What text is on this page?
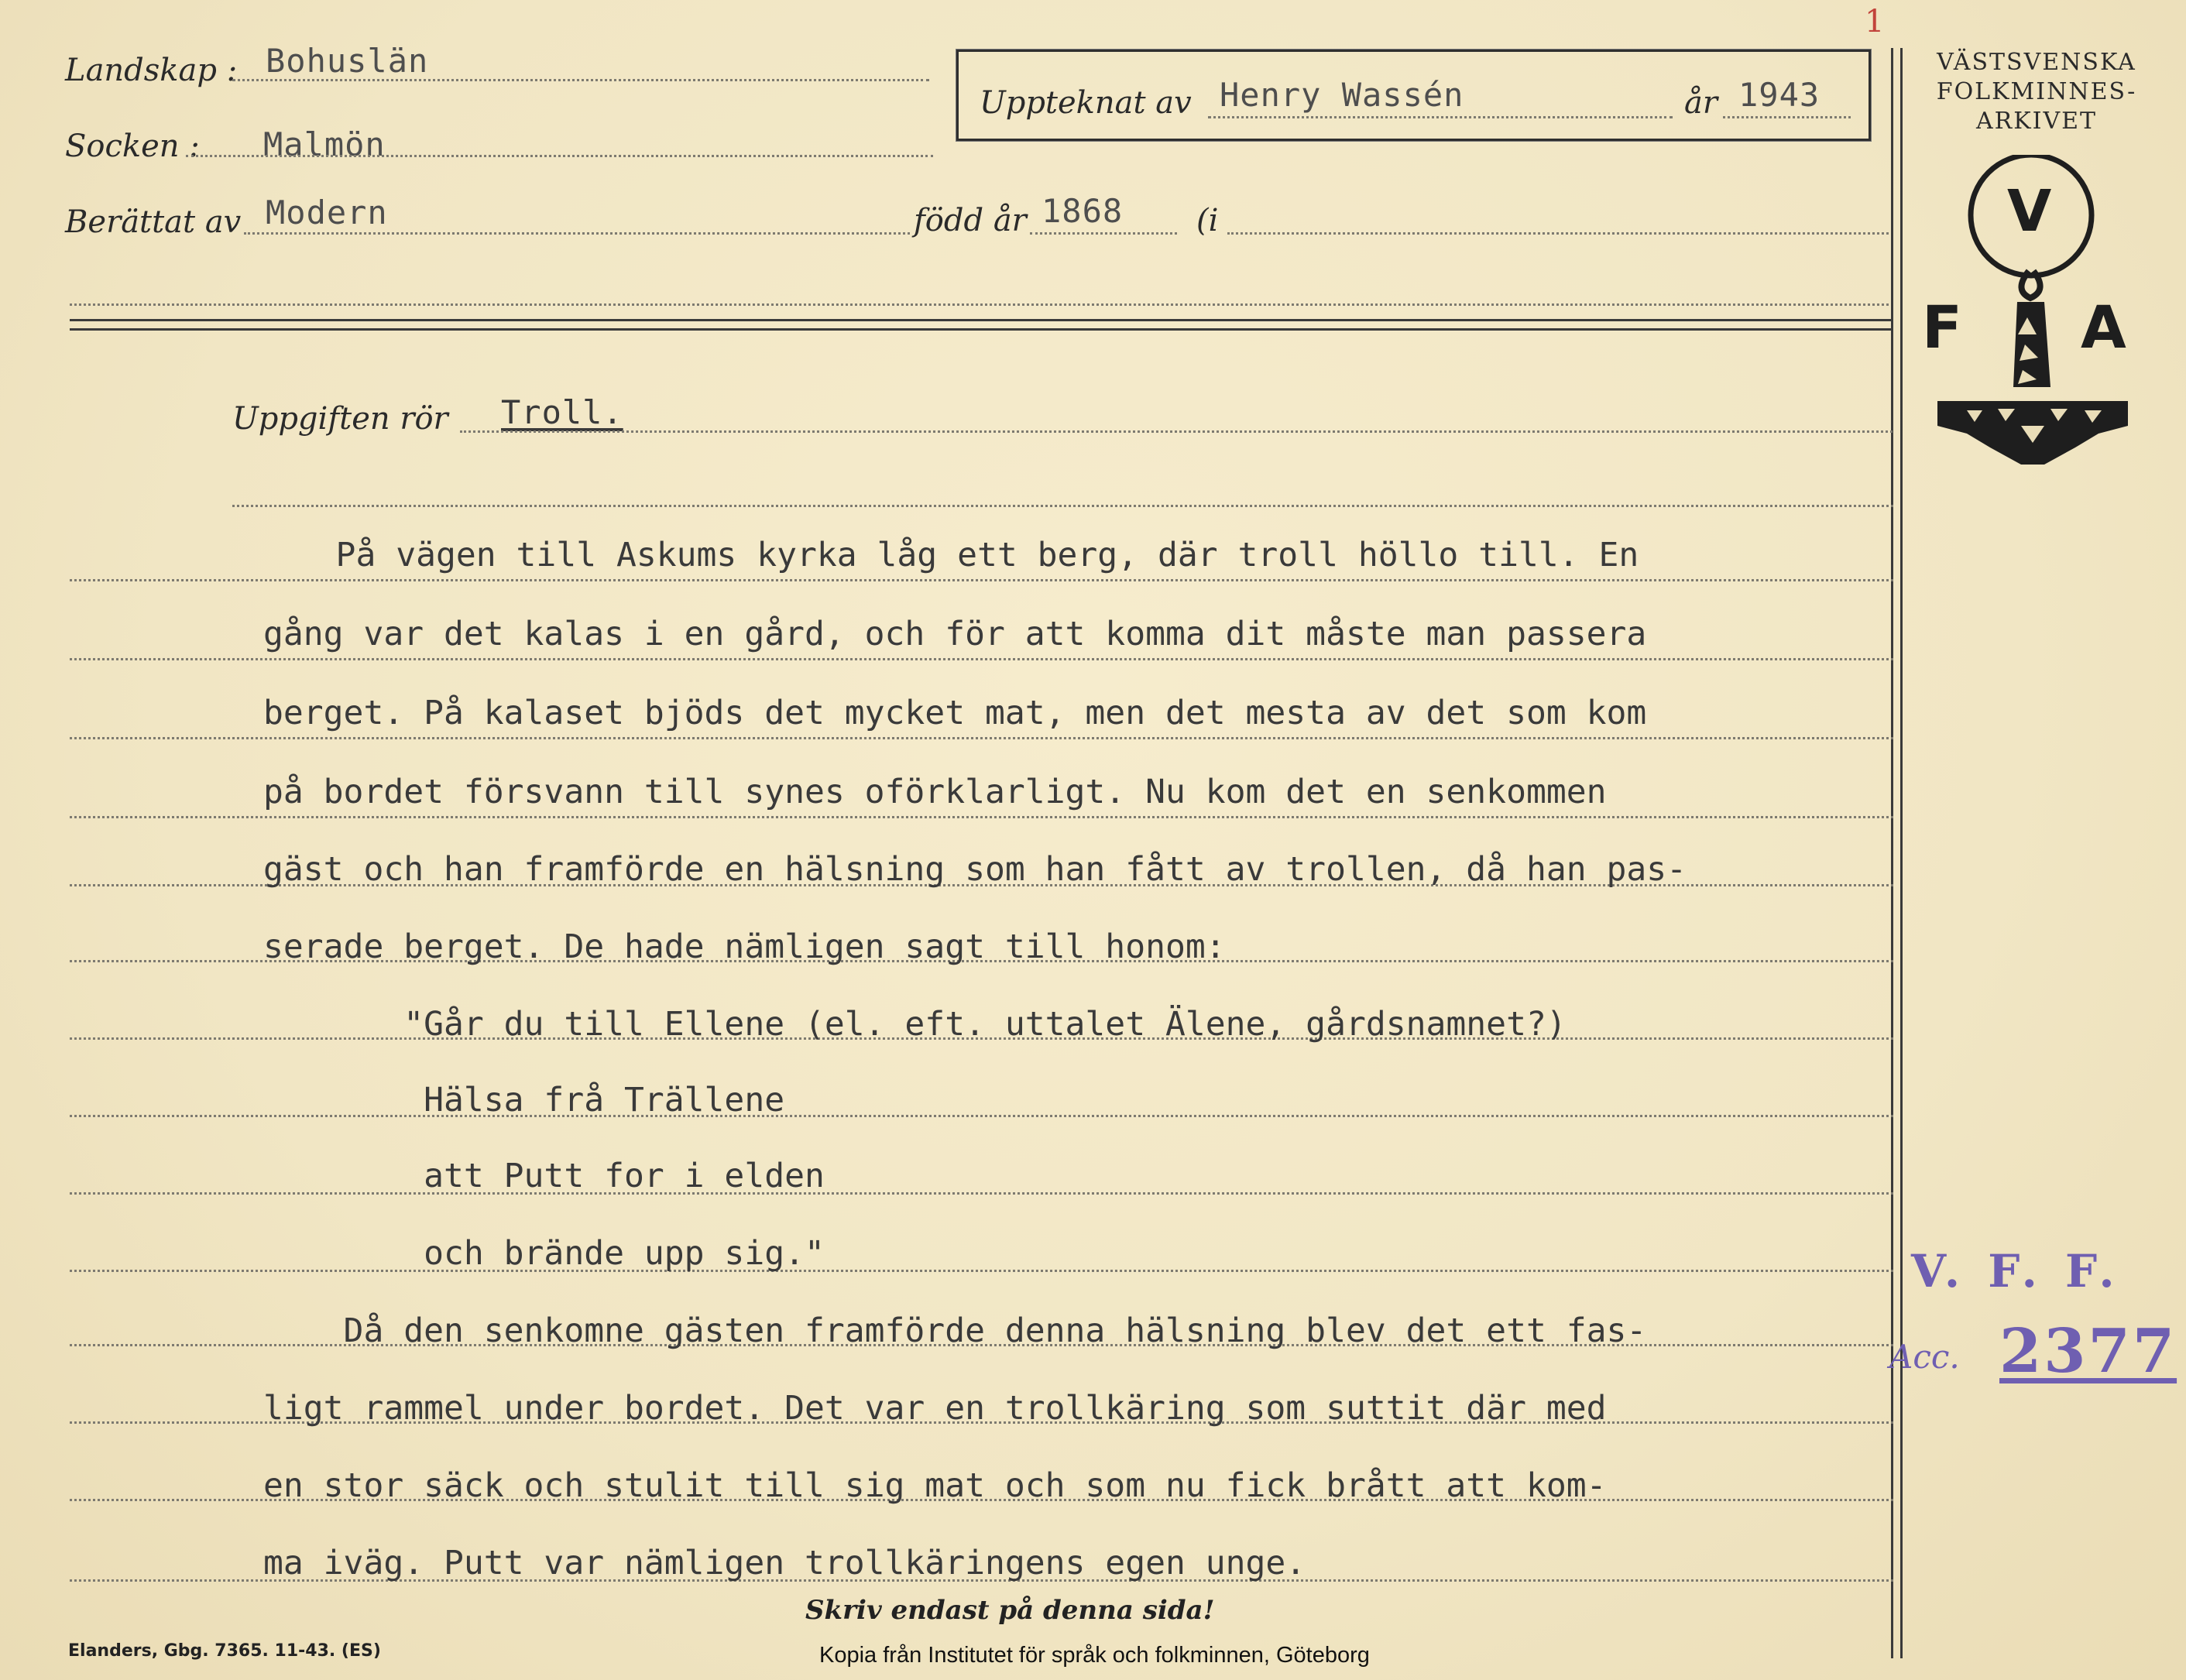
Landskap : Bohuslän
Socken : Malmön
Berättat av Modern	född år 1868 (i
Uppteknat av Henry Wassén	år 1943
1
VÄSTSVENSKA
FOLKMINNES-
ARKIVET
V
F A
Uppgiften rör Troll.
På vägen till Askums kyrka låg ett berg, där troll höllo till. En
gång var det kalas i en gård, och för att komma dit måste man passera
berget. På kalaset bjöds det mycket mat, men det mesta av det som kom
på bordet försvann till synes oförklarligt. Nu kom det en senkommen
gäst och han framförde en hälsning som han fått av trollen, då han pas-
serade berget. De hade nämligen sagt till honom:
"Går du till Ellene (el. eft. uttalet Älene, gårdsnamnet?)
Hälsa frå Trällene
att Putt for i elden
och brände upp sig."
Då den senkomne gästen framförde denna hälsning blev det ett fas-
ligt rammel under bordet. Det var en trollkäring som suttit där med
en stor säck och stulit till sig mat och som nu fick brått att kom-
ma iväg. Putt var nämligen trollkäringens egen unge.
V. F. F.
Acc. 2377
Skriv endast på denna sida!
Elanders, Gbg. 7365. 11-43. (ES)	Kopia från Institutet för språk och folkminnen, Göteborg
